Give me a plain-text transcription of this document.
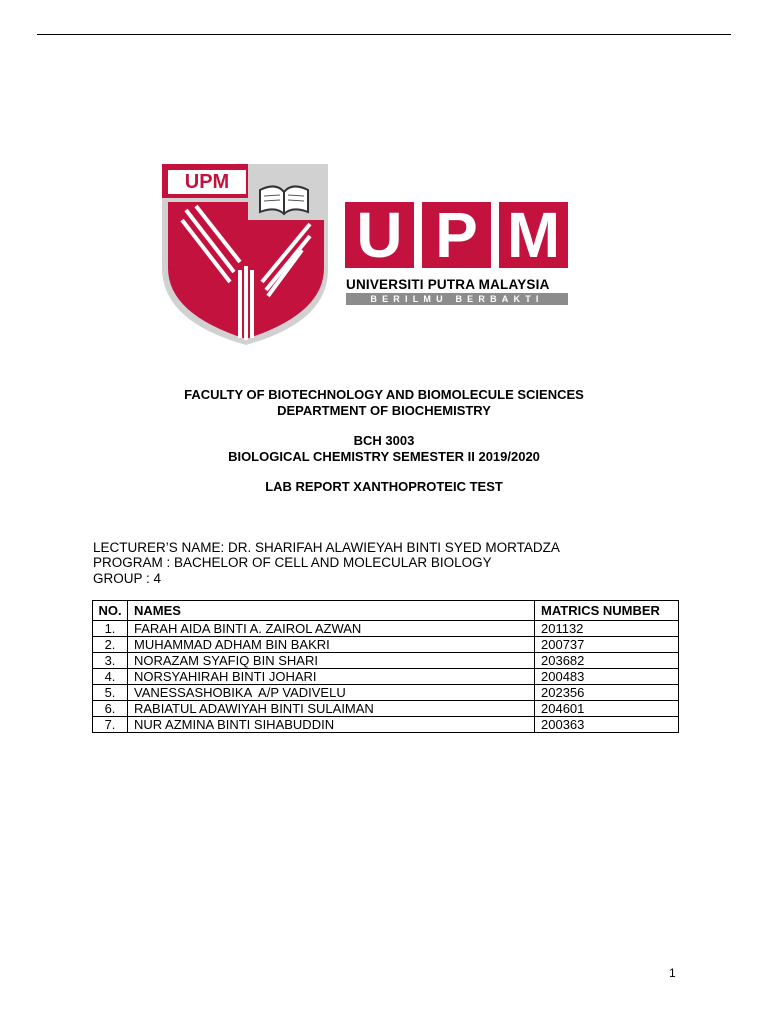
U P M
UNIVERSITI PUTRA MALAYSIA
BERILMU BERBAKTI
UPM
FACULTY OF BIOTECHNOLOGY AND BIOMOLECULE SCIENCES
DEPARTMENT OF BIOCHEMISTRY
BCH 3003
BIOLOGICAL CHEMISTRY SEMESTER II 2019/2020
LAB REPORT XANTHOPROTEIC TEST
LECTURER’S NAME: DR. SHARIFAH ALAWIEYAH BINTI SYED MORTADZA
PROGRAM : BACHELOR OF CELL AND MOLECULAR BIOLOGY
GROUP : 4
NO.	NAMES	MATRICS NUMBER
1.	FARAH AIDA BINTI A. ZAIROL AZWAN	201132
2.	MUHAMMAD ADHAM BIN BAKRI	200737
3.	NORAZAM SYAFIQ BIN SHARI	203682
4.	NORSYAHIRAH BINTI JOHARI	200483
5.	VANESSASHOBIKA  A/P VADIVELU	202356
6.	RABIATUL ADAWIYAH BINTI SULAIMAN	204601
7.	NUR AZMINA BINTI SIHABUDDIN	200363
1
